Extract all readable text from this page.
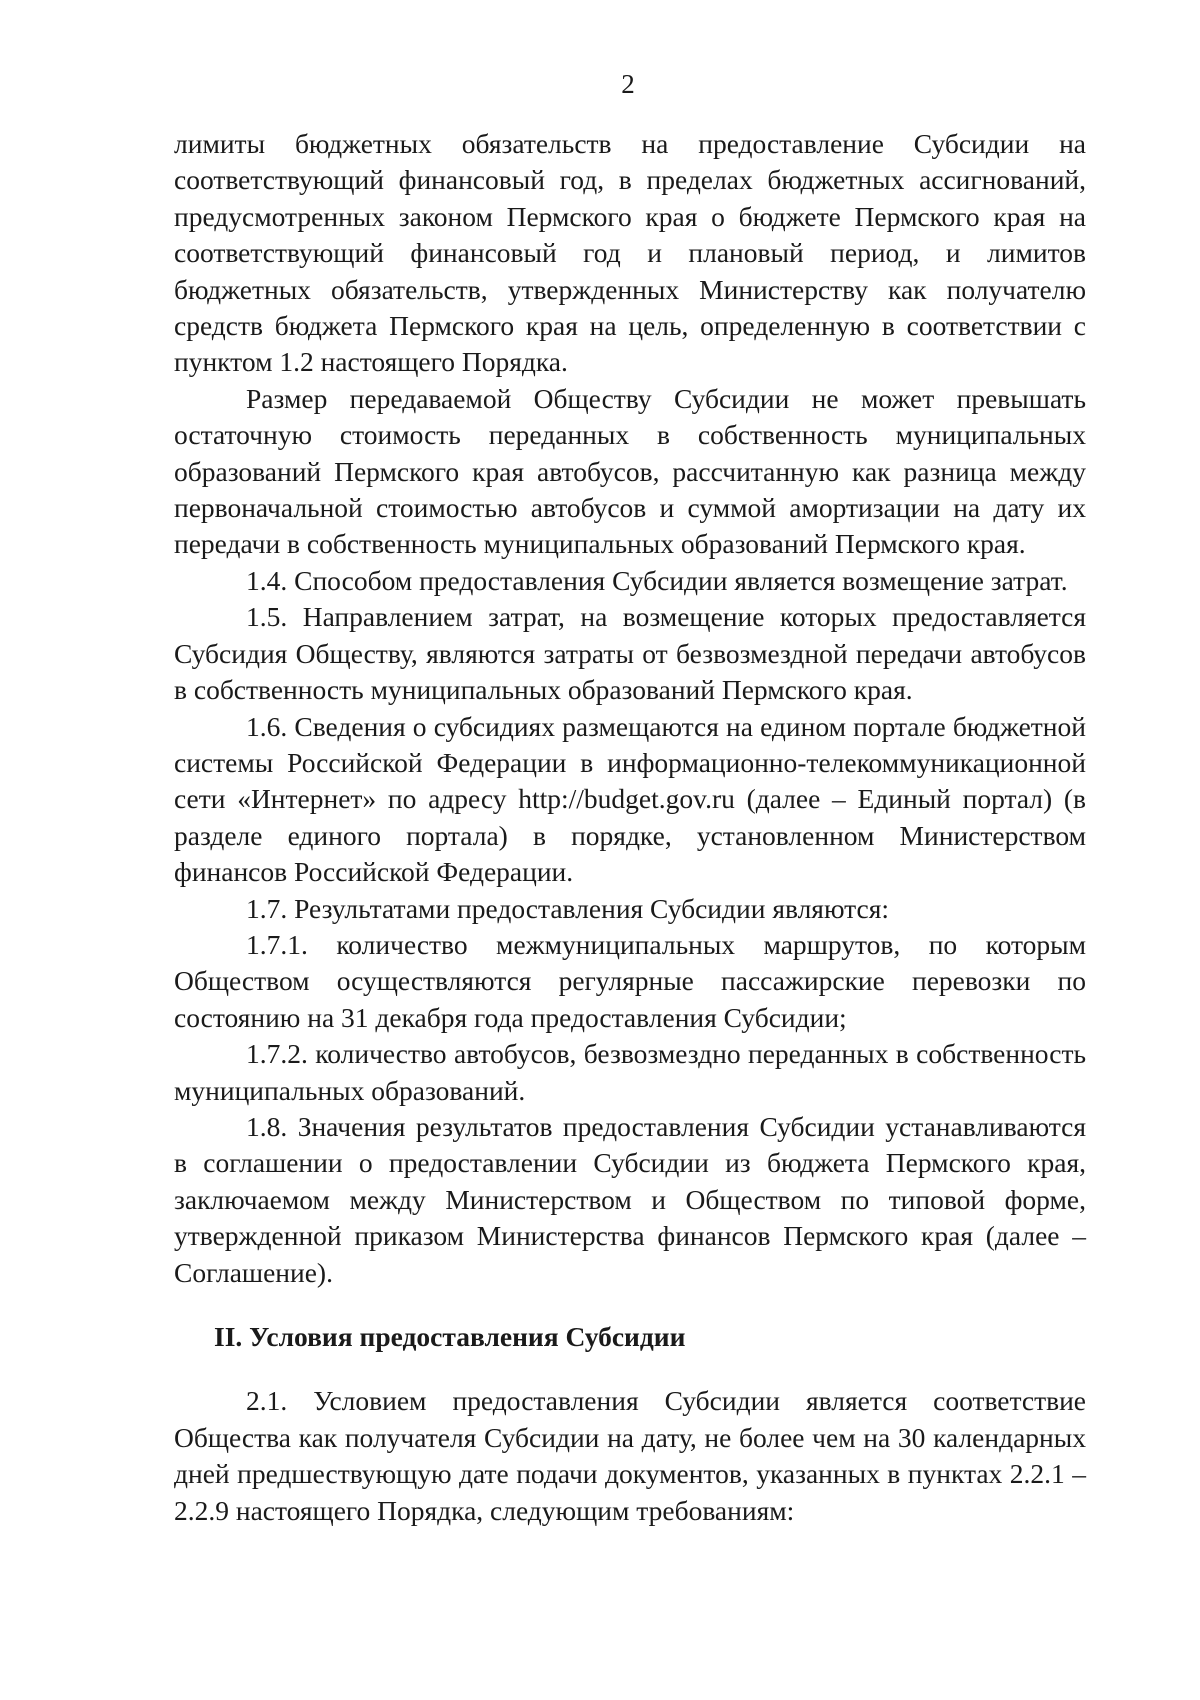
2

лимиты бюджетных обязательств на предоставление Субсидии на соответствующий финансовый год, в пределах бюджетных ассигнований, предусмотренных законом Пермского края о бюджете Пермского края на соответствующий финансовый год и плановый период, и лимитов бюджетных обязательств, утвержденных Министерству как получателю средств бюджета Пермского края на цель, определенную в соответствии с пунктом 1.2 настоящего Порядка.

Размер передаваемой Обществу Субсидии не может превышать остаточную стоимость переданных в собственность муниципальных образований Пермского края автобусов, рассчитанную как разница между первоначальной стоимостью автобусов и суммой амортизации на дату их передачи в собственность муниципальных образований Пермского края.

1.4. Способом предоставления Субсидии является возмещение затрат.

1.5. Направлением затрат, на возмещение которых предоставляется Субсидия Обществу, являются затраты от безвозмездной передачи автобусов в собственность муниципальных образований Пермского края.

1.6. Сведения о субсидиях размещаются на едином портале бюджетной системы Российской Федерации в информационно-телекоммуникационной сети «Интернет» по адресу http://budget.gov.ru (далее – Единый портал) (в разделе единого портала) в порядке, установленном Министерством финансов Российской Федерации.

1.7. Результатами предоставления Субсидии являются:

1.7.1. количество межмуниципальных маршрутов, по которым Обществом осуществляются регулярные пассажирские перевозки по состоянию на 31 декабря года предоставления Субсидии;

1.7.2. количество автобусов, безвозмездно переданных в собственность муниципальных образований.

1.8. Значения результатов предоставления Субсидии устанавливаются в соглашении о предоставлении Субсидии из бюджета Пермского края, заключаемом между Министерством и Обществом по типовой форме, утвержденной приказом Министерства финансов Пермского края (далее – Соглашение).

II. Условия предоставления Субсидии

2.1. Условием предоставления Субсидии является соответствие Общества как получателя Субсидии на дату, не более чем на 30 календарных дней предшествующую дате подачи документов, указанных в пунктах 2.2.1 – 2.2.9 настоящего Порядка, следующим требованиям:
